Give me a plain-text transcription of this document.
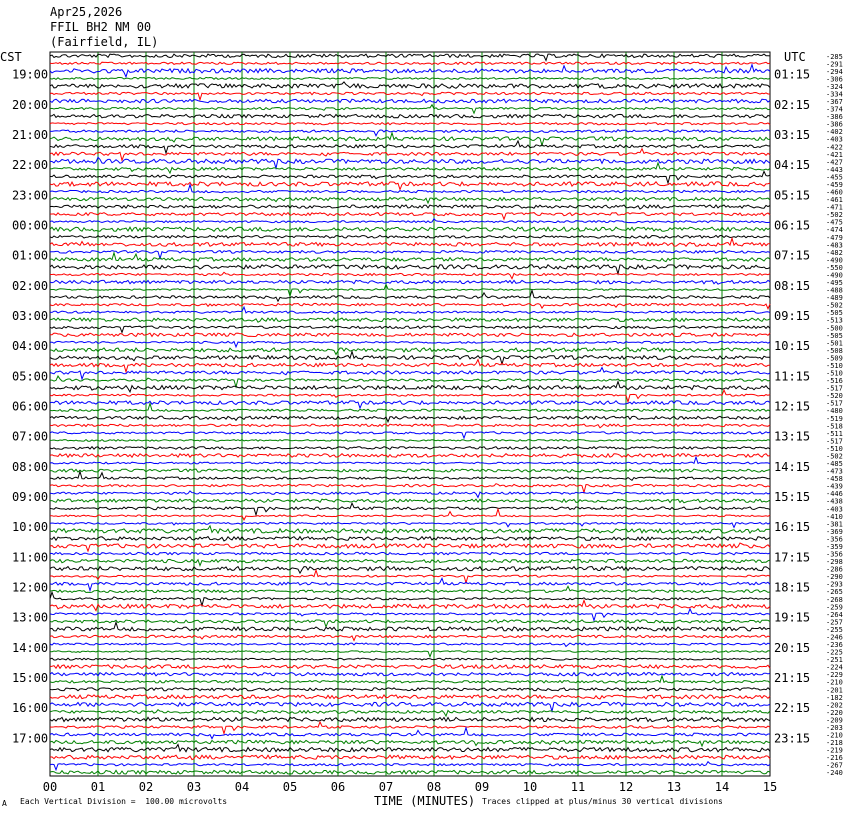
Apr25,2026
FFIL BH2 NM 00
(Fairfield, IL)
CST	UTC
19:00
20:00
21:00
22:00
23:00
00:00
01:00
02:00
03:00
04:00
05:00
06:00
07:00
08:00
09:00
10:00
11:00
12:00
13:00
14:00
15:00
16:00
17:00
01:15
02:15
03:15
04:15
05:15
06:15
07:15
08:15
09:15
10:15
11:15
12:15
13:15
14:15
15:15
16:15
17:15
18:15
19:15
20:15
21:15
22:15
23:15
-285
-291
-294
-306
-324
-334
-367
-374
-386
-386
-402
-403
-422
-421
-427
-443
-455
-459
-460
-461
-471
-502
-475
-474
-479
-483
-482
-490
-550
-490
-495
-488
-489
-502
-505
-513
-500
-505
-501
-508
-509
-510
-510
-516
-517
-520
-517
-480
-519
-518
-511
-517
-510
-502
-485
-473
-458
-439
-446
-438
-403
-410
-381
-369
-356
-359
-356
-298
-286
-290
-293
-265
-268
-259
-264
-257
-255
-246
-236
-225
-251
-224
-229
-210
-201
-182
-202
-220
-209
-203
-210
-218
-219
-216
-267
-240
00	01	02	03	04	05	06	07	08	09	10	11	12	13	14	15
A Each Vertical Division =  100.00 microvolts	TIME (MINUTES) Traces clipped at plus/minus 30 vertical divisions
